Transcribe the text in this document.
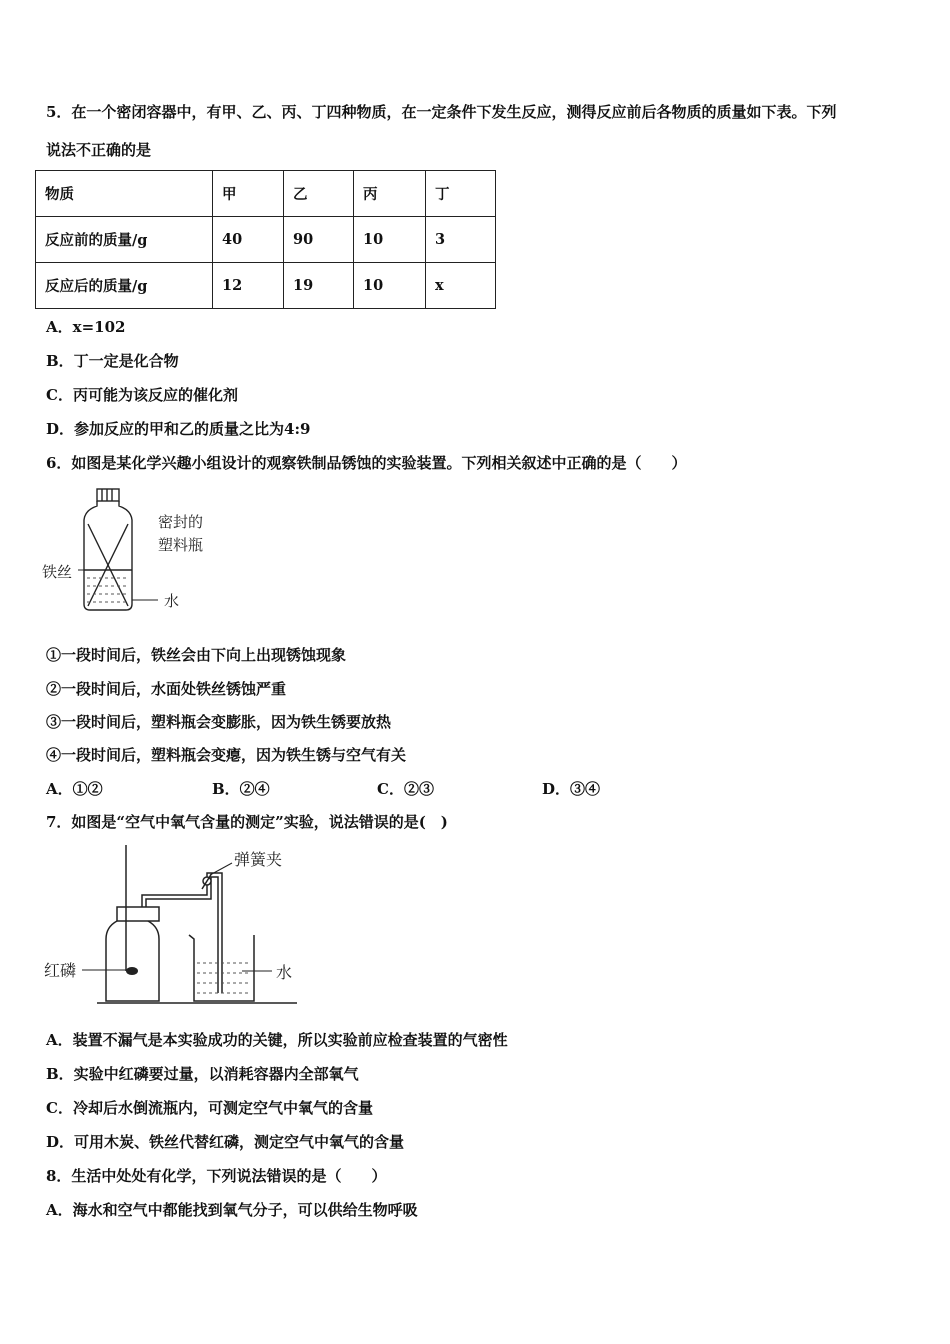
5．在一个密闭容器中，有甲、乙、丙、丁四种物质，在一定条件下发生反应，测得反应前后各物质的质量如下表。下列
说法不正确的是
物质	甲	乙	丙	丁
反应前的质量/g	40	90	10	3
反应后的质量/g	12	19	10	x
A．x=102
B．丁一定是化合物
C．丙可能为该反应的催化剂
D．参加反应的甲和乙的质量之比为4:9
6．如图是某化学兴趣小组设计的观察铁制品锈蚀的实验装置。下列相关叙述中正确的是（　　）
密封的
塑料瓶
铁丝
水
①一段时间后，铁丝会由下向上出现锈蚀现象
②一段时间后，水面处铁丝锈蚀严重
③一段时间后，塑料瓶会变膨胀，因为铁生锈要放热
④一段时间后，塑料瓶会变瘪，因为铁生锈与空气有关
A．①②	B．②④	C．②③	D．③④
7．如图是“空气中氧气含量的测定”实验，说法错误的是(　)
弹簧夹
红磷	水
A．装置不漏气是本实验成功的关键，所以实验前应检查装置的气密性
B．实验中红磷要过量，以消耗容器内全部氧气
C．冷却后水倒流瓶内，可测定空气中氧气的含量
D．可用木炭、铁丝代替红磷，测定空气中氧气的含量
8．生活中处处有化学，下列说法错误的是（　　）
A．海水和空气中都能找到氧气分子，可以供给生物呼吸
